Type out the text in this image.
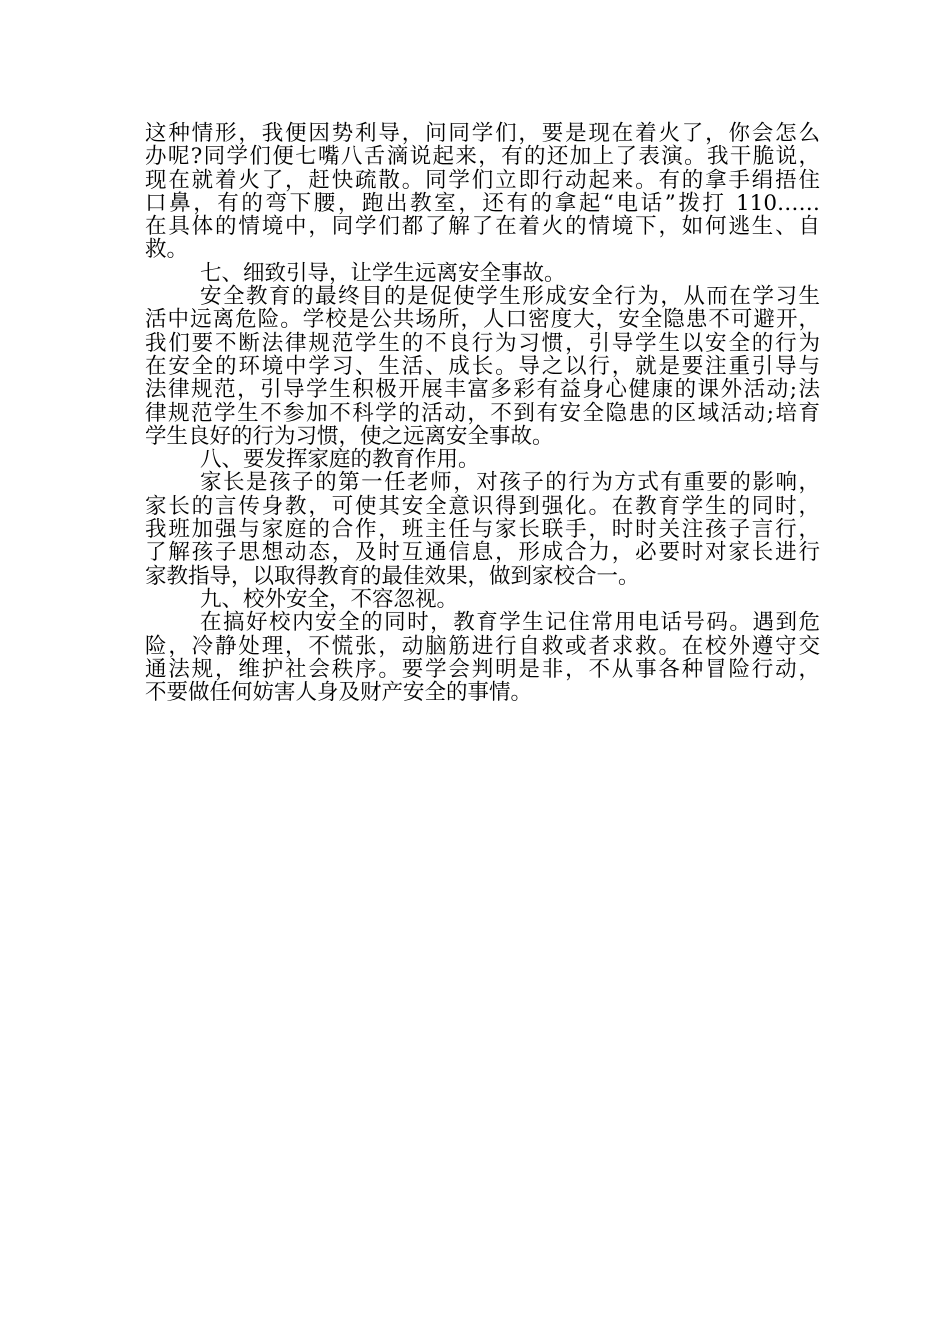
这种情形，我便因势利导，问同学们，要是现在着火了，你会怎么
办呢?同学们便七嘴八舌滴说起来，有的还加上了表演。我干脆说，
现在就着火了，赶快疏散。同学们立即行动起来。有的拿手绢捂住
口鼻，有的弯下腰，跑出教室，还有的拿起“电话”拨打 110……
在具体的情境中，同学们都了解了在着火的情境下，如何逃生、自
救。
七、细致引导，让学生远离安全事故。
安全教育的最终目的是促使学生形成安全行为，从而在学习生
活中远离危险。学校是公共场所，人口密度大，安全隐患不可避开，
我们要不断法律规范学生的不良行为习惯，引导学生以安全的行为
在安全的环境中学习、生活、成长。导之以行，就是要注重引导与
法律规范，引导学生积极开展丰富多彩有益身心健康的课外活动;法
律规范学生不参加不科学的活动，不到有安全隐患的区域活动;培育
学生良好的行为习惯，使之远离安全事故。
八、要发挥家庭的教育作用。
家长是孩子的第一任老师，对孩子的行为方式有重要的影响，
家长的言传身教，可使其安全意识得到强化。在教育学生的同时，
我班加强与家庭的合作，班主任与家长联手，时时关注孩子言行，
了解孩子思想动态，及时互通信息，形成合力，必要时对家长进行
家教指导，以取得教育的最佳效果，做到家校合一。
九、校外安全，不容忽视。
在搞好校内安全的同时，教育学生记住常用电话号码。遇到危
险，冷静处理，不慌张，动脑筋进行自救或者求救。在校外遵守交
通法规，维护社会秩序。要学会判明是非，不从事各种冒险行动，
不要做任何妨害人身及财产安全的事情。
